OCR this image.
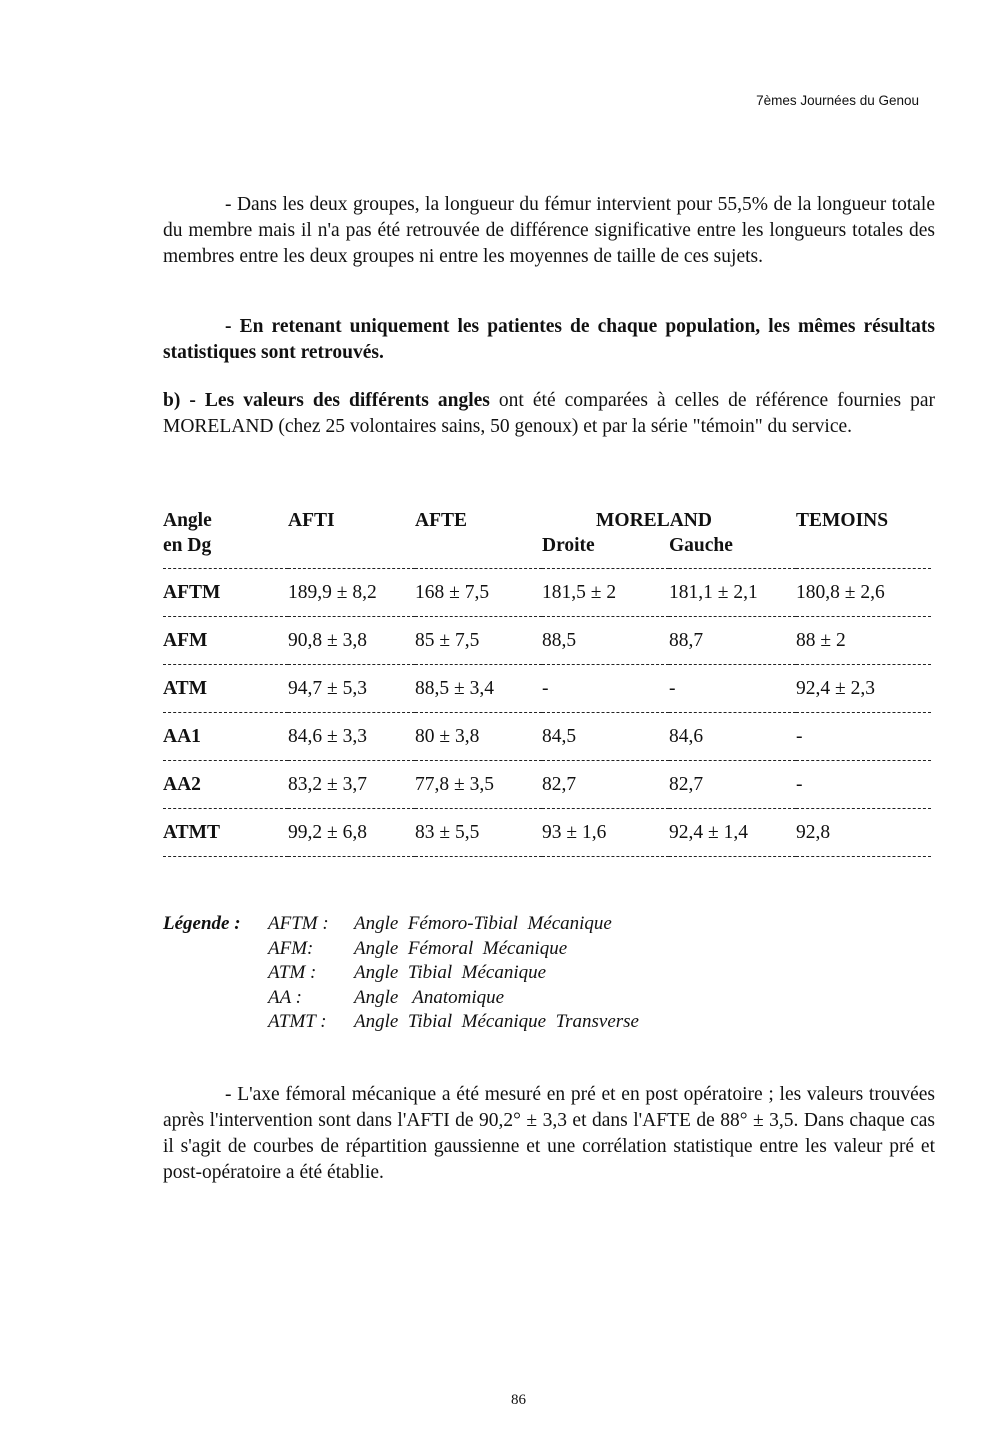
7èmes Journées du Genou

- Dans les deux groupes, la longueur du fémur intervient pour 55,5% de la longueur totale du membre mais il n'a pas été retrouvée de différence significative entre les longueurs totales des membres entre les deux groupes ni entre les moyennes de taille de ces sujets.

- En retenant uniquement les patientes de chaque population, les mêmes résultats statistiques sont retrouvés.

b) - Les valeurs des différents angles ont été comparées à celles de référence fournies par MORELAND (chez 25 volontaires sains, 50 genoux) et par la série "témoin" du service.

Angle	AFTI	AFTE	MORELAND		TEMOINS
en Dg			Droite	Gauche	

AFTM	189,9 ± 8,2	168 ± 7,5	181,5 ± 2	181,1 ± 2,1	180,8 ± 2,6
AFM	90,8 ± 3,8	85 ± 7,5	88,5	88,7	88 ± 2
ATM	94,7 ± 5,3	88,5 ± 3,4	-	-	92,4 ± 2,3
AA1	84,6 ± 3,3	80 ± 3,8	84,5	84,6	-
AA2	83,2 ± 3,7	77,8 ± 3,5	82,7	82,7	-
ATMT	99,2 ± 6,8	83 ± 5,5	93 ± 1,6	92,4 ± 1,4	92,8
Légende :	AFTM :	Angle  Fémoro-Tibial  Mécanique
AFM:	Angle  Fémoral  Mécanique
ATM :	Angle  Tibial  Mécanique
AA :	Angle   Anatomique
ATMT :	Angle  Tibial  Mécanique  Transverse

- L'axe fémoral mécanique a été mesuré en pré et en post opératoire ; les valeurs trouvées après l'intervention sont dans l'AFTI de 90,2° ± 3,3 et dans l'AFTE de 88° ± 3,5. Dans chaque cas il s'agit de courbes de répartition gaussienne et une corrélation statistique entre les valeur pré et post-opératoire a été établie.

86
